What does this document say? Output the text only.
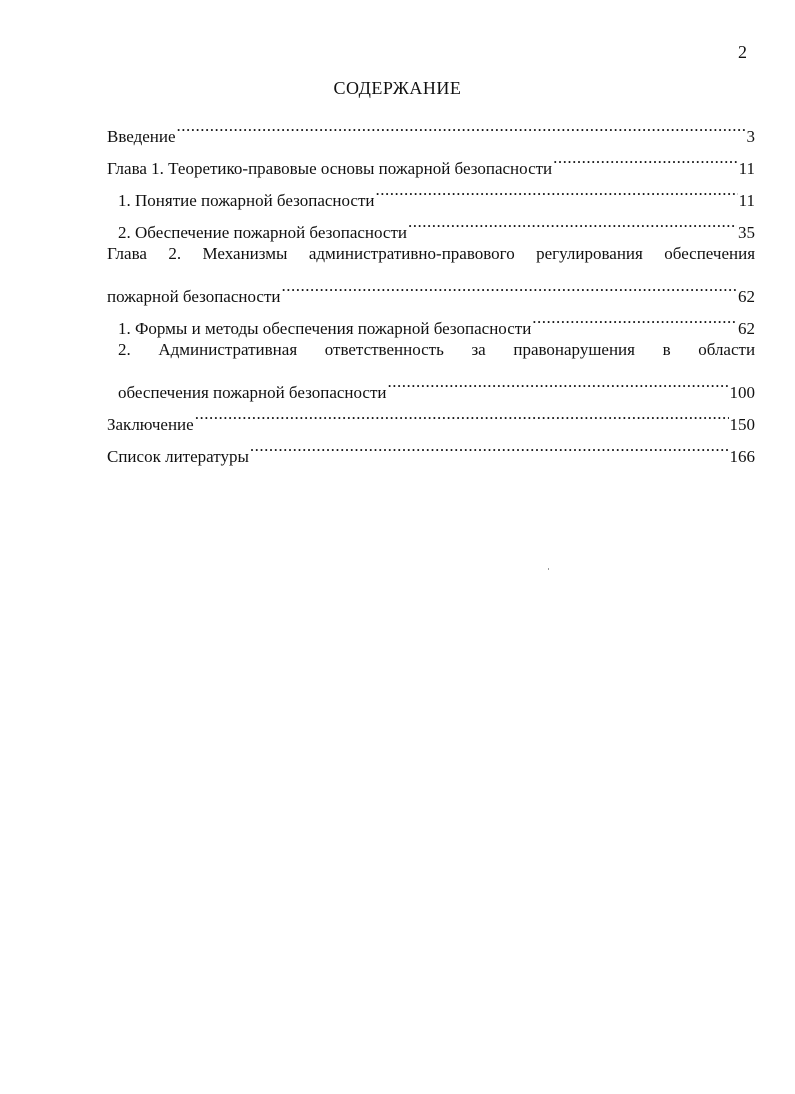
2
СОДЕРЖАНИЕ
Введение .....	3
Глава 1. Теоретико-правовые основы пожарной безопасности .....	11
1. Понятие пожарной безопасности .....	11
2. Обеспечение пожарной безопасности .....	35
Глава 2. Механизмы административно-правового регулирования обеспечения
пожарной безопасности .....	62
1. Формы и методы обеспечения пожарной безопасности .....	62
2. Административная ответственность за правонарушения в области
обеспечения пожарной безопасности .....	100
Заключение .....	150
Список литературы .....	166
